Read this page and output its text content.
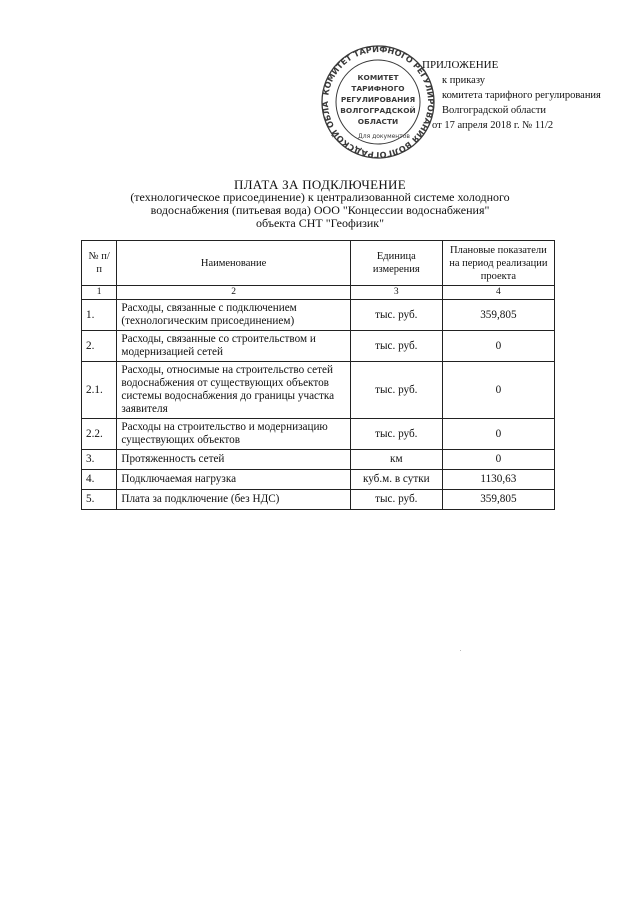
КОМИТЕТ ТАРИФНОГО РЕГУЛИРОВАНИЯ ВОЛГОГРАДСКОЙ ОБЛА
КОМИТЕТ
ТАРИФНОГО
РЕГУЛИРОВАНИЯ
ВОЛГОГРАДСКОЙ
ОБЛАСТИ
Для документов
ПРИЛОЖЕНИЕ
к приказу
комитета тарифного регулирования
Волгоградской области
от 17 апреля 2018 г. № 11/2
ПЛАТА ЗА ПОДКЛЮЧЕНИЕ
(технологическое присоединение) к централизованной системе холодного
водоснабжения (питьевая вода) ООО "Концессии водоснабжения"
объекта СНТ "Геофизик"
№ п/п	Наименование	Единица измерения	Плановые показатели на период реализации проекта
1	2	3	4
1.	Расходы, связанные с подключением (технологическим присоединением)	тыс. руб.	359,805
2.	Расходы, связанные со строительством и модернизацией сетей	тыс. руб.	0
2.1.	Расходы, относимые на строительство сетей водоснабжения от существующих объектов системы водоснабжения до границы участка заявителя	тыс. руб.	0
2.2.	Расходы на строительство и модернизацию существующих объектов	тыс. руб.	0
3.	Протяженность сетей	км	0
4.	Подключаемая нагрузка	куб.м. в сутки	1130,63
5.	Плата за подключение (без НДС)	тыс. руб.	359,805
